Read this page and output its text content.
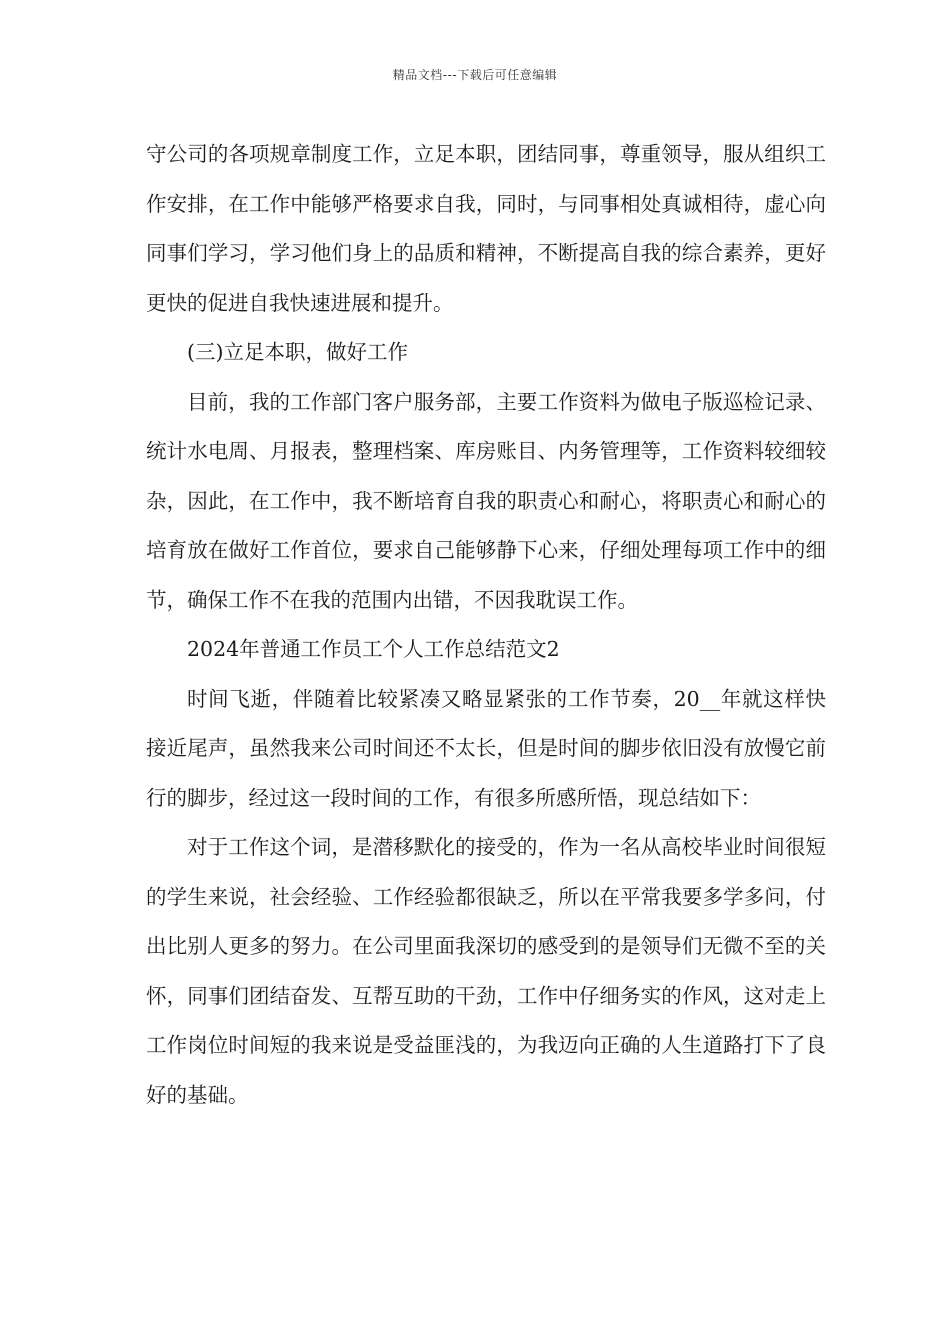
精品文档---下载后可任意编辑

守公司的各项规章制度工作，立足本职，团结同事，尊重领导，服从组织工作安排，在工作中能够严格要求自我，同时，与同事相处真诚相待，虚心向同事们学习，学习他们身上的品质和精神，不断提高自我的综合素养，更好更快的促进自我快速进展和提升。

(三)立足本职，做好工作

目前，我的工作部门客户服务部，主要工作资料为做电子版巡检记录、统计水电周、月报表，整理档案、库房账目、内务管理等，工作资料较细较杂，因此，在工作中，我不断培育自我的职责心和耐心，将职责心和耐心的培育放在做好工作首位，要求自己能够静下心来，仔细处理每项工作中的细节，确保工作不在我的范围内出错，不因我耽误工作。

2024年普通工作员工个人工作总结范文2

时间飞逝，伴随着比较紧凑又略显紧张的工作节奏，20__年就这样快接近尾声，虽然我来公司时间还不太长，但是时间的脚步依旧没有放慢它前行的脚步，经过这一段时间的工作，有很多所感所悟，现总结如下：

对于工作这个词，是潜移默化的接受的，作为一名从高校毕业时间很短的学生来说，社会经验、工作经验都很缺乏，所以在平常我要多学多问，付出比别人更多的努力。在公司里面我深切的感受到的是领导们无微不至的关怀，同事们团结奋发、互帮互助的干劲，工作中仔细务实的作风，这对走上工作岗位时间短的我来说是受益匪浅的，为我迈向正确的人生道路打下了良好的基础。
